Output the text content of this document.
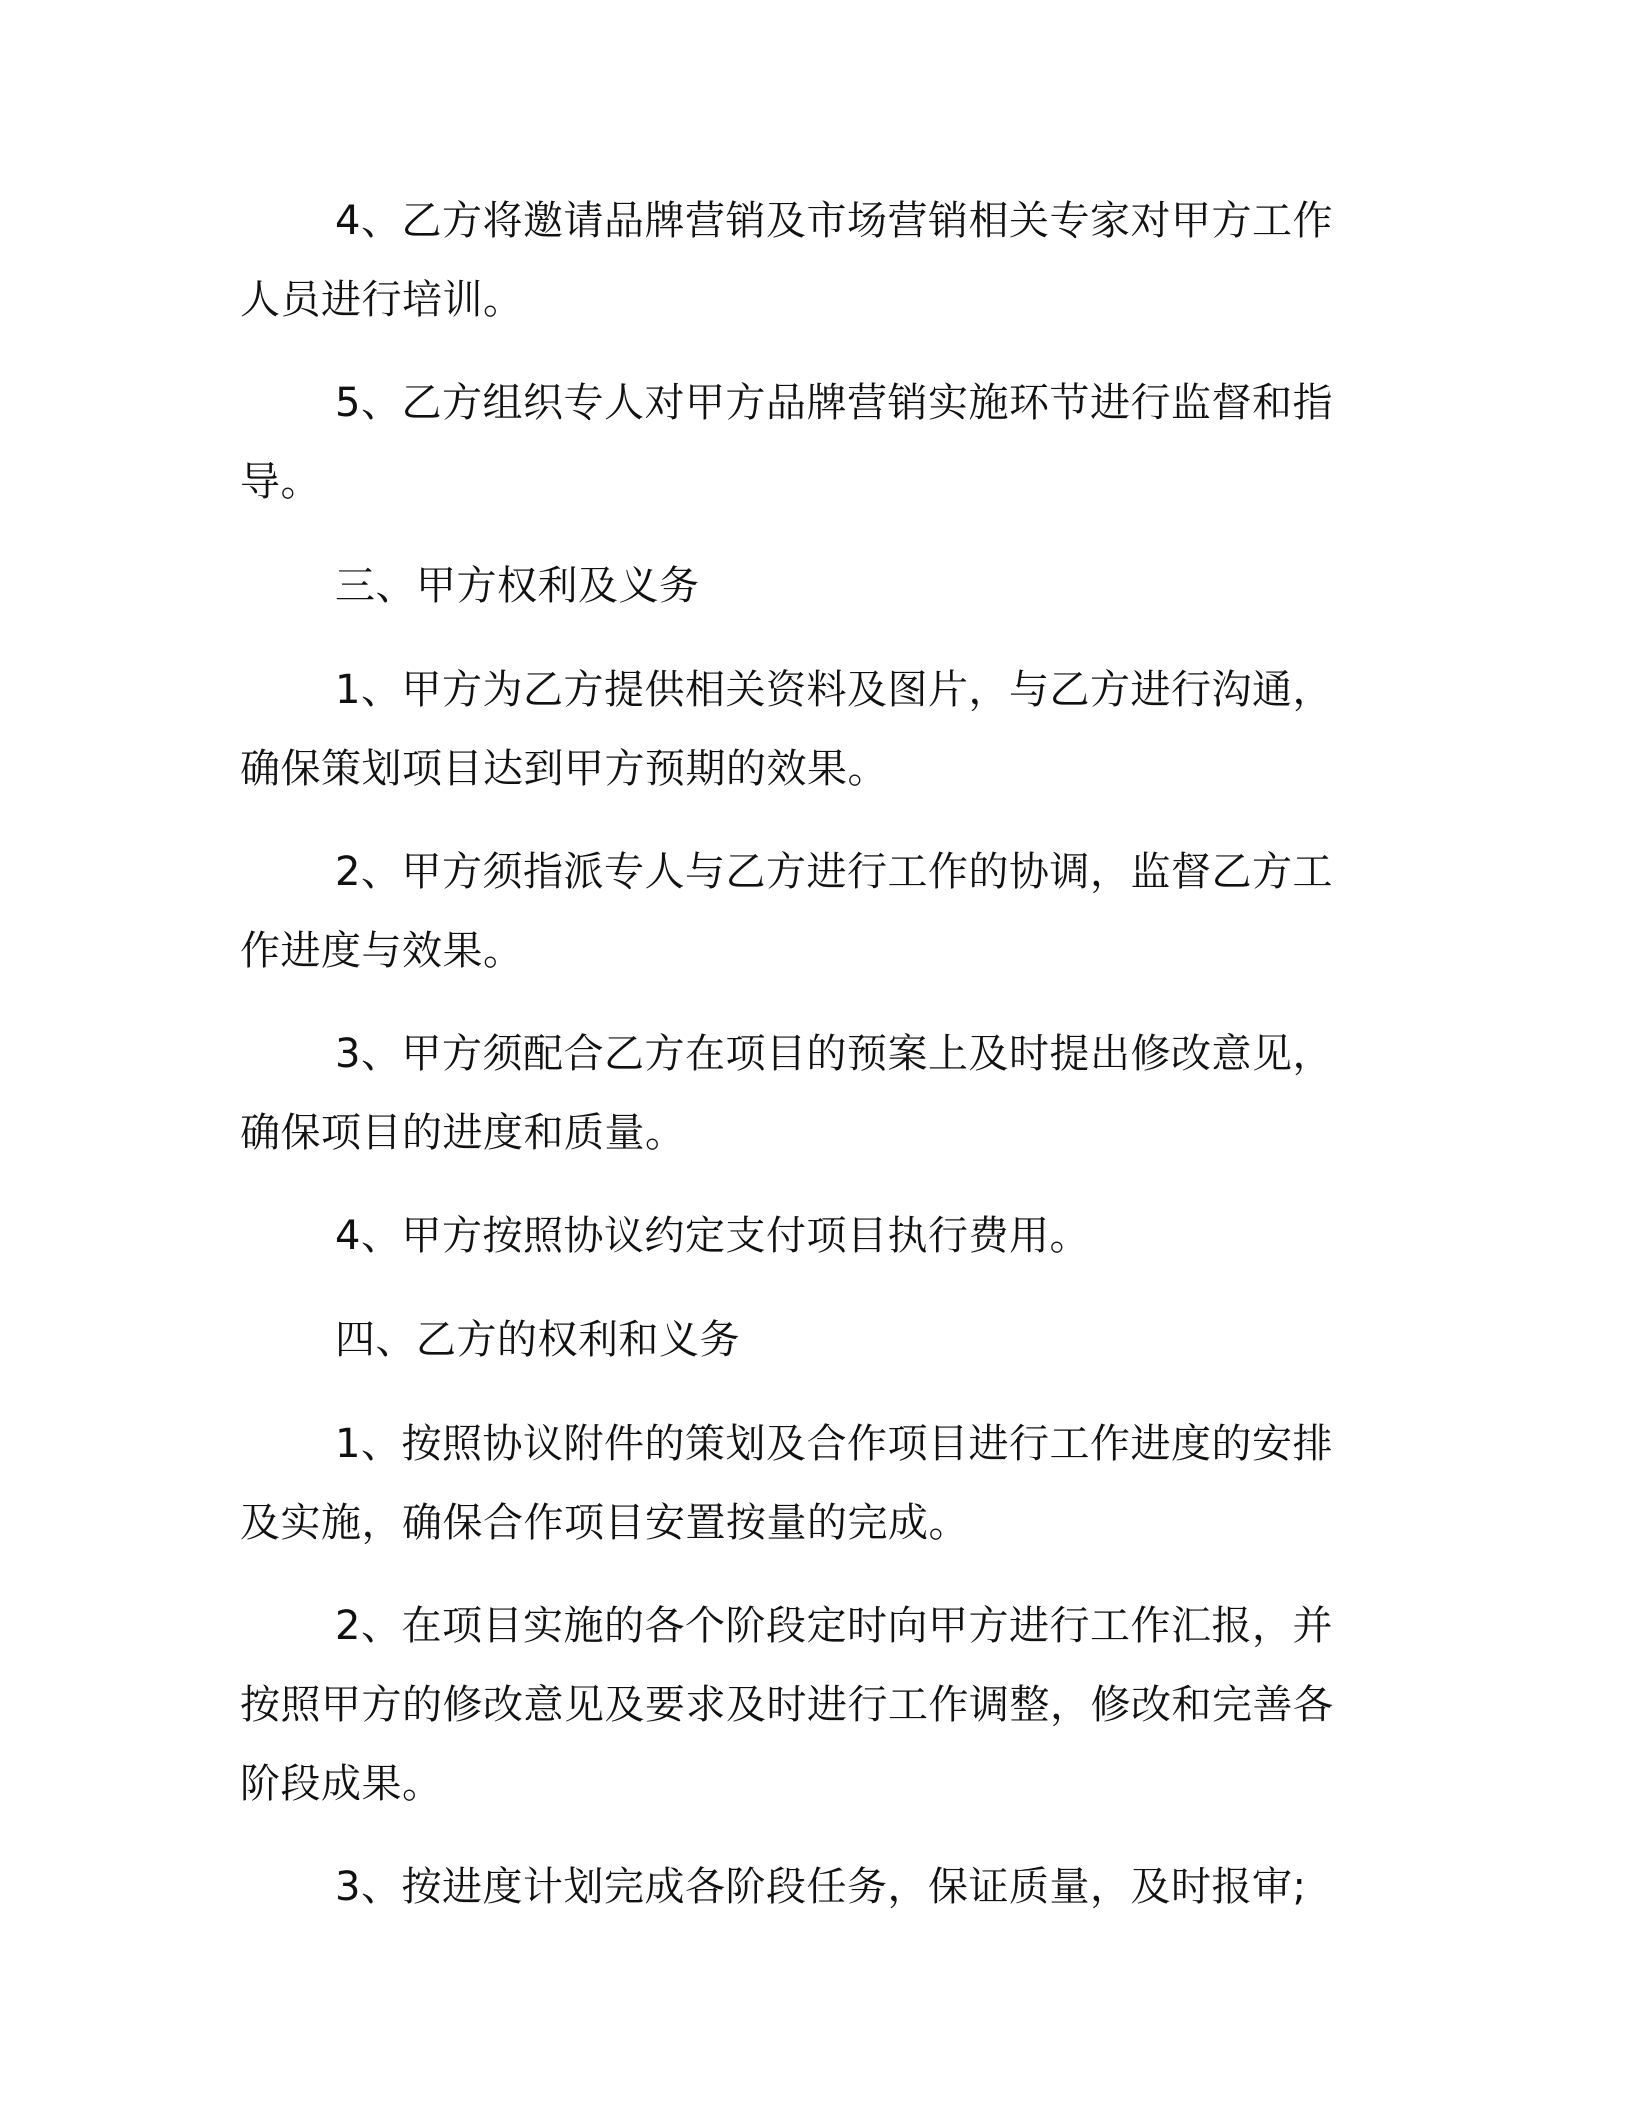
4、乙方将邀请品牌营销及市场营销相关专家对甲方工作人员进行培训。

5、乙方组织专人对甲方品牌营销实施环节进行监督和指导。

三、甲方权利及义务

1、甲方为乙方提供相关资料及图片，与乙方进行沟通，确保策划项目达到甲方预期的效果。

2、甲方须指派专人与乙方进行工作的协调，监督乙方工作进度与效果。

3、甲方须配合乙方在项目的预案上及时提出修改意见，确保项目的进度和质量。

4、甲方按照协议约定支付项目执行费用。

四、乙方的权利和义务

1、按照协议附件的策划及合作项目进行工作进度的安排及实施，确保合作项目安置按量的完成。

2、在项目实施的各个阶段定时向甲方进行工作汇报，并按照甲方的修改意见及要求及时进行工作调整，修改和完善各阶段成果。

3、按进度计划完成各阶段任务，保证质量，及时报审;
